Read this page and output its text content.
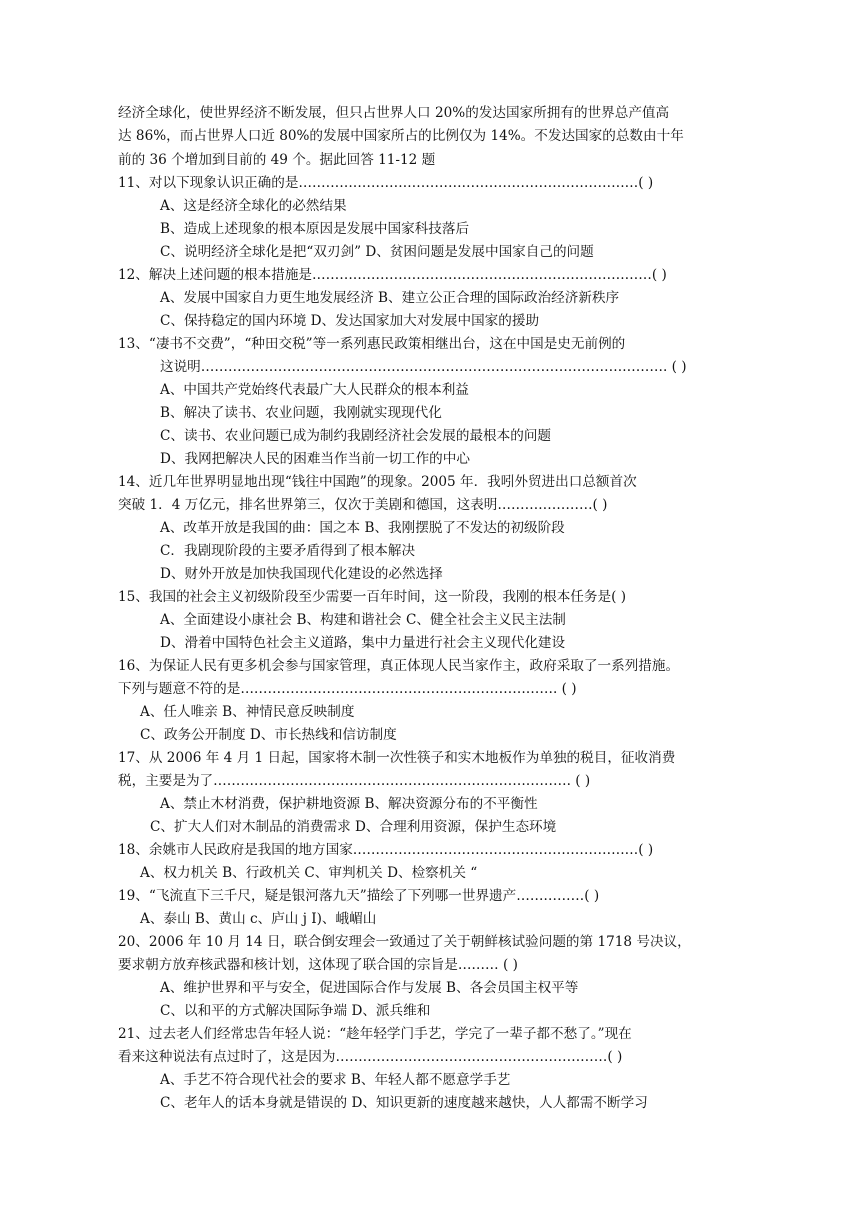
经济全球化，使世界经济不断发展，但只占世界人口 20%的发达国家所拥有的世界总产值高
达 86%，而占世界人口近 80%的发展中国家所占的比例仅为 14%。不发达国家的总数由十年
前的 36 个增加到目前的 49 个。据此回答 11-12 题
11、对以下现象认识正确的是…………………………………………………………………( )
A、这是经济全球化的必然结果
B、造成上述现象的根本原因是发展中国家科技落后
C、说明经济全球化是把“双刃剑” D、贫困问题是发展中国家自己的问题
12、解决上述问题的根本措施是…………………………………………………………………( )
A、发展中国家自力更生地发展经济 B、建立公正合理的国际政治经济新秩序
C、保持稳定的国内环境 D、发达国家加大对发展中国家的援助
13、“凄书不交费”，“种田交税”等一系列惠民政策相继出台，这在中国是史无前例的
这说明…………………………………………………………………………………………. ( )
A、中国共产党始终代表最广大人民群众的根本利益
B、解决了读书、农业问题，我刚就实现现代化
C、读书、农业问题已成为制约我剧经济社会发展的最根本的问题
D、我网把解决人民的困难当作当前一切工作的中心
14、近几年世界明显地出现“钱往中国跑”的现象。2005 年．我吲外贸进出口总额首次
突破 1．4 万亿元，排名世界第三，仅次于美剧和德国，这表明…………………( )
A、改革开放是我国的曲：国之本 B、我刚摆脱了不发达的初级阶段
C．我剧现阶段的主要矛盾得到了根本解决
D、财外开放是加快我国现代化建设的必然选择
15、我国的社会主义初级阶段至少需要一百年时间，这一阶段，我刚的根本任务是( )
A、全面建设小康社会 B、构建和谐社会 C、健全社会主义民主法制
D、滑着中国特色社会主义道路，集中力量进行社会主义现代化建设
16、为保证人民有更多机会参与国家管理，真正体现人民当家作主，政府采取了一系列措施。
下列与题意不符的是……………………………………………………………. ( )
A、任人唯亲 B、神情民意反映制度
C、政务公开制度 D、市长热线和信访制度
17、从 2006 年 4 月 1 日起，国家将木制一次性筷子和实木地板作为单独的税目，征收消费
税，主要是为了……………………………………………………………………. ( )
A、禁止木材消费，保护耕地资源 B、解决资源分布的不平衡性
C、扩大人们对木制品的消费需求 D、合理利用资源，保护生态环境
18、余姚市人民政府是我国的地方国家………………………………………………………( )
A、权力机关 B、行政机关 C、审判机关 D、检察机关 “
19、“飞流直下三千尺，疑是银河落九天”描绘了下列哪一世界遗产……………( )
A、泰山 B、黄山 c、庐山 j I)、峨嵋山
20、2006 年 10 月 14 日，联合倒安理会一致通过了关于朝鲜核试验问题的第 1718 号决议，
要求朝方放弃核武器和核计划，这体现了联合国的宗旨是……… ( )
A、维护世界和平与安全，促进国际合作与发展 B、各会员国主权平等
C、以和平的方式解决国际争端 D、派兵维和
21、过去老人们经常忠告年轻人说：“趁年轻学门手艺，学完了一辈子都不愁了。”现在
看来这种说法有点过时了，这是因为……………………………………………………( )
A、手艺不符合现代社会的要求 B、年轻人都不愿意学手艺
C、老年人的话本身就是错误的 D、知识更新的速度越来越快，人人都需不断学习
